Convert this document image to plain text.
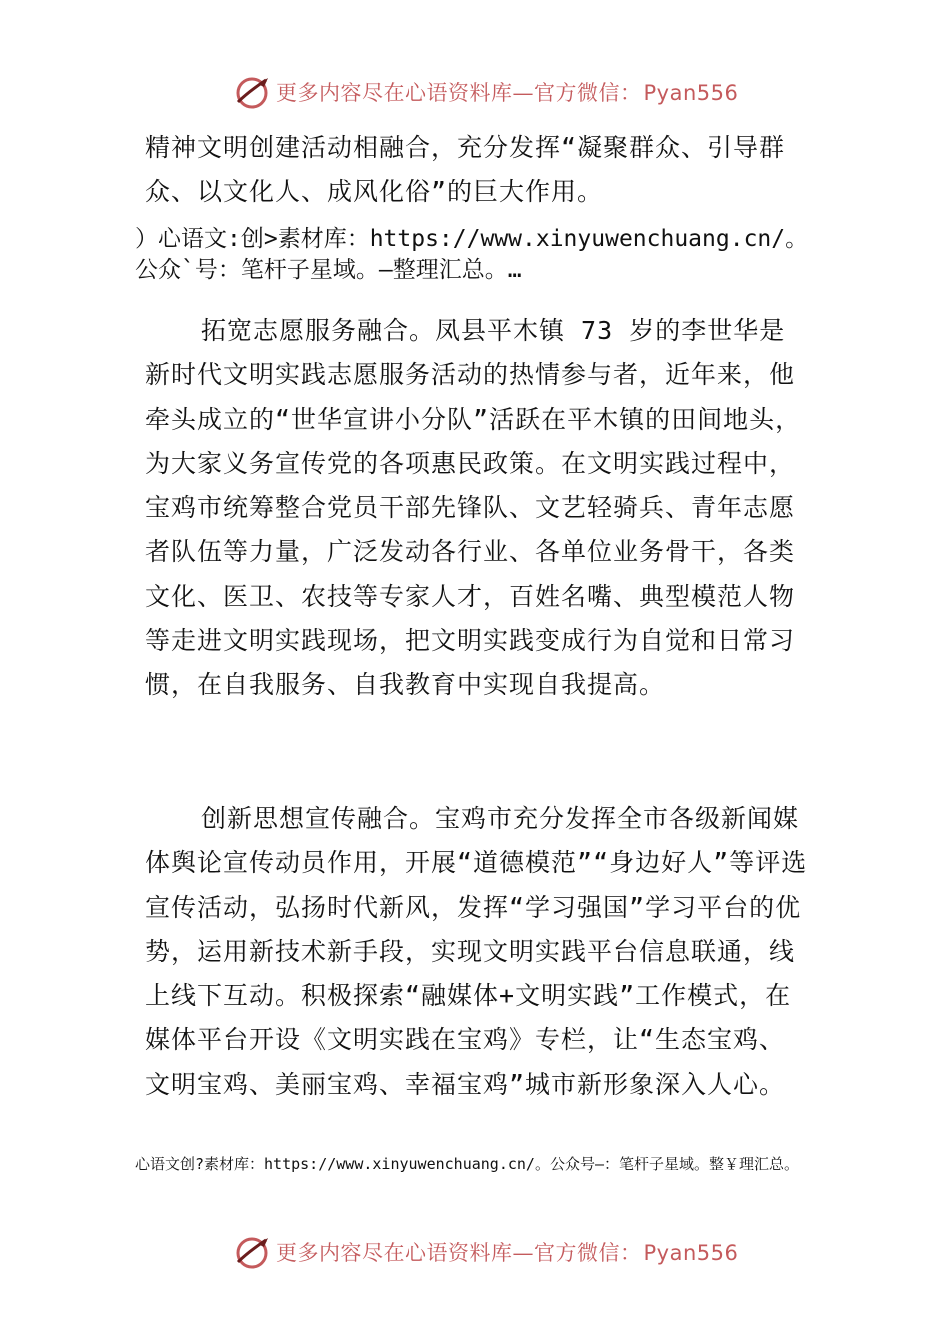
更多内容尽在心语资料库—官方微信：Pyan556

精神文明创建活动相融合，充分发挥“凝聚群众、引导群众、以文化人、成风化俗”的巨大作用。

）心语文:创>素材库：https://www.xinyuwenchuang.cn/。公众`号：笔杆子星域。—整理汇总。…

拓宽志愿服务融合。凤县平木镇 73 岁的李世华是新时代文明实践志愿服务活动的热情参与者，近年来，他牵头成立的“世华宣讲小分队”活跃在平木镇的田间地头，为大家义务宣传党的各项惠民政策。在文明实践过程中，宝鸡市统筹整合党员干部先锋队、文艺轻骑兵、青年志愿者队伍等力量，广泛发动各行业、各单位业务骨干，各类文化、医卫、农技等专家人才，百姓名嘴、典型模范人物等走进文明实践现场，把文明实践变成行为自觉和日常习惯，在自我服务、自我教育中实现自我提高。

创新思想宣传融合。宝鸡市充分发挥全市各级新闻媒体舆论宣传动员作用，开展“道德模范”“身边好人”等评选宣传活动，弘扬时代新风，发挥“学习强国”学习平台的优势，运用新技术新手段，实现文明实践平台信息联通，线上线下互动。积极探索“融媒体+文明实践”工作模式，在媒体平台开设《文明实践在宝鸡》专栏，让“生态宝鸡、文明宝鸡、美丽宝鸡、幸福宝鸡”城市新形象深入人心。

心语文创?素材库：https://www.xinyuwenchuang.cn/。公众号—：笔杆子星域。整￥理汇总。

更多内容尽在心语资料库—官方微信：Pyan556
